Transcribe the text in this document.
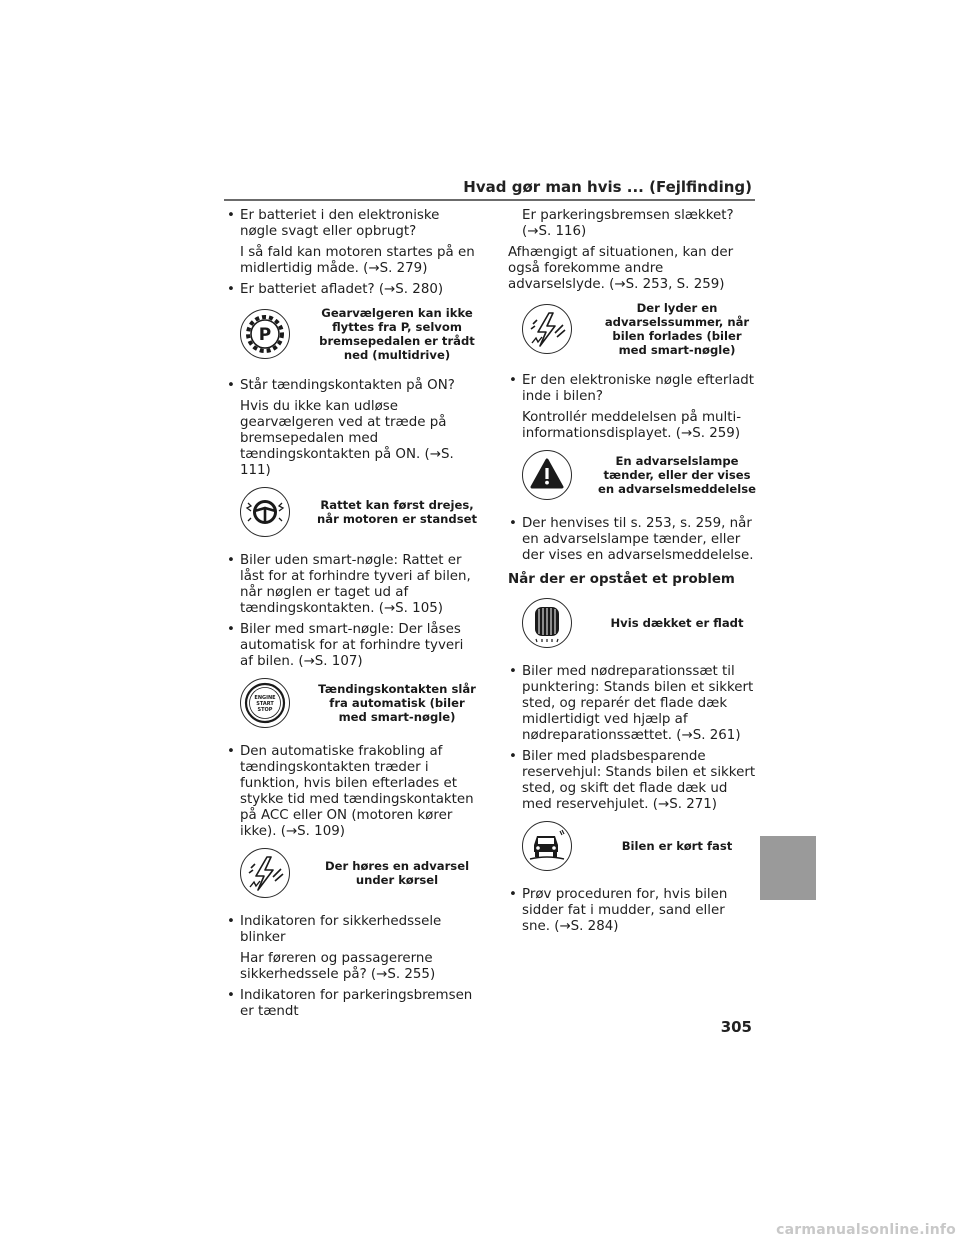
Hvad gør man hvis ... (Fejlfinding)
• Er batteriet i den elektroniske nøgle svagt eller opbrugt?
I så fald kan motoren startes på en midlertidig måde. (→S. 279)
• Er batteriet afladet? (→S. 280)
P
Gearvælgeren kan ikke flyttes fra P, selvom bremsepedalen er trådt ned (multidrive)
• Står tændingskontakten på ON?
Hvis du ikke kan udløse gearvælgeren ved at træde på bremsepedalen med tændingskontakten på ON. (→S. 111)
Rattet kan først drejes, når motoren er standset
• Biler uden smart-nøgle: Rattet er låst for at forhindre tyveri af bilen, når nøglen er taget ud af tændingskontakten. (→S. 105)
• Biler med smart-nøgle: Der låses automatisk for at forhindre tyveri af bilen. (→S. 107)
ENGINE
START
STOP
Tændingskontakten slår fra automatisk (biler med smart-nøgle)
• Den automatiske frakobling af tændingskontakten træder i funktion, hvis bilen efterlades et stykke tid med tændingskontakten på ACC eller ON (motoren kører ikke). (→S. 109)
Der høres en advarsel under kørsel
• Indikatoren for sikkerhedssele blinker
Har føreren og passagererne sikkerhedssele på? (→S. 255)
• Indikatoren for parkeringsbremsen er tændt
Er parkeringsbremsen slækket? (→S. 116)
Afhængigt af situationen, kan der også forekomme andre advarselslyde. (→S. 253, S. 259)
Der lyder en advarselssummer, når bilen forlades (biler med smart-nøgle)
• Er den elektroniske nøgle efterladt inde i bilen?
Kontrollér meddelelsen på multi-informationsdisplayet. (→S. 259)
En advarselslampe tænder, eller der vises en advarselsmeddelelse
• Der henvises til s. 253, s. 259, når en advarselslampe tænder, eller der vises en advarselsmeddelelse.
Når der er opstået et problem
Hvis dækket er fladt
• Biler med nødreparationssæt til punktering: Stands bilen et sikkert sted, og reparér det flade dæk midlertidigt ved hjælp af nødreparationssættet. (→S. 261)
• Biler med pladsbesparende reservehjul: Stands bilen et sikkert sted, og skift det flade dæk ud med reservehjulet. (→S. 271)
Bilen er kørt fast
• Prøv proceduren for, hvis bilen sidder fat i mudder, sand eller sne. (→S. 284)
305
carmanualsonline.info
